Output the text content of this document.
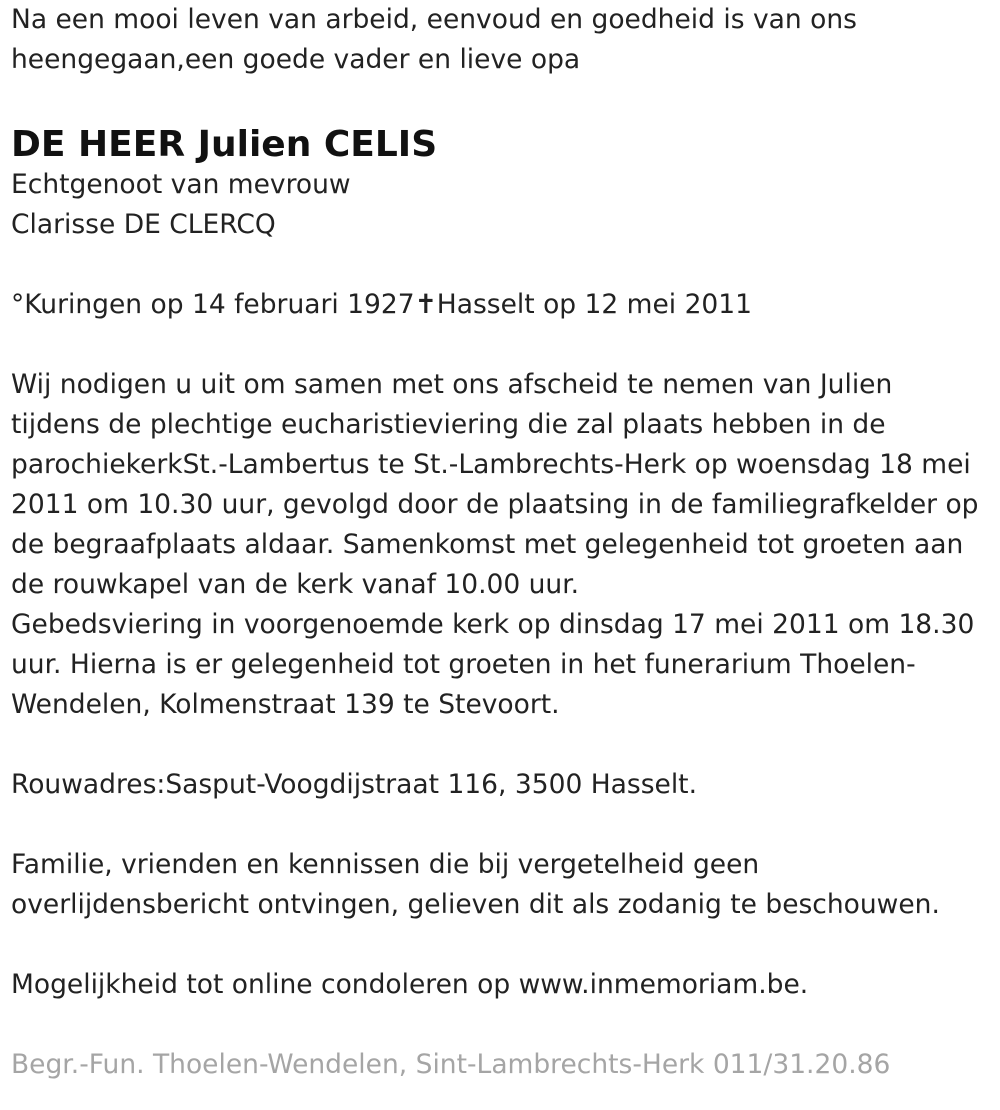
Na een mooi leven van arbeid, eenvoud en goedheid is van ons
heengegaan,een goede vader en lieve opa
DE HEER Julien CELIS
Echtgenoot van mevrouw
Clarisse DE CLERCQ
°Kuringen op 14 februari 1927✝Hasselt op 12 mei 2011
Wij nodigen u uit om samen met ons afscheid te nemen van Julien
tijdens de plechtige eucharistieviering die zal plaats hebben in de
parochiekerkSt.-Lambertus te St.-Lambrechts-Herk op woensdag 18 mei
2011 om 10.30 uur, gevolgd door de plaatsing in de familiegrafkelder op
de begraafplaats aldaar. Samenkomst met gelegenheid tot groeten aan
de rouwkapel van de kerk vanaf 10.00 uur.
Gebedsviering in voorgenoemde kerk op dinsdag 17 mei 2011 om 18.30
uur. Hierna is er gelegenheid tot groeten in het funerarium Thoelen-
Wendelen, Kolmenstraat 139 te Stevoort.
Rouwadres:Sasput-Voogdijstraat 116, 3500 Hasselt.
Familie, vrienden en kennissen die bij vergetelheid geen
overlijdensbericht ontvingen, gelieven dit als zodanig te beschouwen.
Mogelijkheid tot online condoleren op www.inmemoriam.be.
Begr.-Fun. Thoelen-Wendelen, Sint-Lambrechts-Herk 011/31.20.86
